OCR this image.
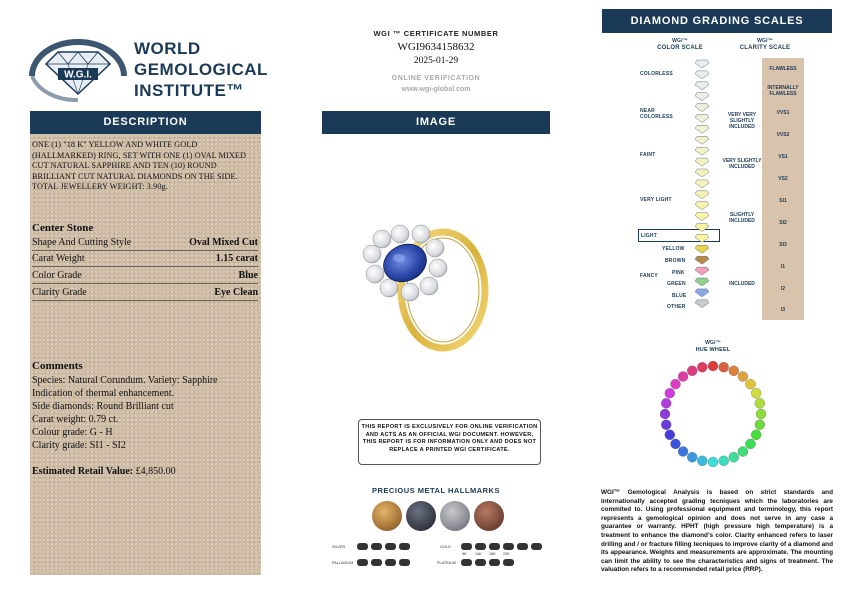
W.G.I.
WORLD
GEMOLOGICAL
INSTITUTE™
DESCRIPTION
ONE (1) "18 K" YELLOW AND WHITE GOLD (HALLMARKED) RING, SET WITH ONE (1) OVAL MIXED CUT NATURAL SAPPHIRE AND TEN (10) ROUND BRILLIANT CUT NATURAL DIAMONDS ON THE SIDE. TOTAL JEWELLERY WEIGHT: 3.90g.
Center Stone
Shape And Cutting Style	Oval Mixed Cut
Carat Weight	1.15 carat
Color Grade	Blue
Clarity Grade	Eye Clean
Comments
Species: Natural Corundum. Variety: Sapphire
Indication of thermal enhancement.
Side diamonds: Round Brilliant cut
Carat weight: 0.79 ct.
Colour grade: G - H
Clarity grade: SI1 - SI2
Estimated Retail Value: £4,850.00
WGI ™ CERTIFICATE NUMBER
WGI9634158632
2025-01-29
ONLINE VERIFICATION
www.wgi-global.com
IMAGE
THIS REPORT IS EXCLUSIVELY FOR ONLINE VERIFICATION AND ACTS AS AN OFFICIAL WGI DOCUMENT. HOWEVER, THIS REPORT IS FOR INFORMATION ONLY AND DOES NOT REPLACE A PRINTED WGI CERTIFICATE.
PRECIOUS METAL HALLMARKS
SILVER
PALLADIUM
GOLD
9K 14K 18K 22K
PLATINUM
DIAMOND GRADING SCALES
WGI™
COLOR SCALE
WGI™
CLARITY SCALE
COLORLESS
NEAR COLORLESS
FAINT
VERY LIGHT
LIGHT
FANCY
YELLOW
BROWN
PINK
GREEN
BLUE
OTHER
VERY VERY SLIGHTLY INCLUDED
VERY SLIGHTLY INCLUDED
SLIGHTLY INCLUDED
INCLUDED
FLAWLESS
INTERNALLY FLAWLESS
VVS1
VVS2
VS1
VS2
SI1
SI2
SI3
I1
I2
I3
WGI™
HUE WHEEL
WGI™ Gemological Analysis is based on strict standards and internationally accepted grading tecniques which the laboratories are commited to. Using professional equipment and terminology, this report represents a gemological opinion and does not serve in any case a guarantee or warranty. HPHT (high pressure high temperature) is a treatment to enhance the diamond's color. Clarity enhanced refers to laser drilling and / or fracture filling tecniques to improve clarity of a diamond and its appearance. Weights and measurements are approximate. The mounting can limit the ability to see the characteristics and signs of treatment. The valuation refers to a recommended retail price (RRP).
